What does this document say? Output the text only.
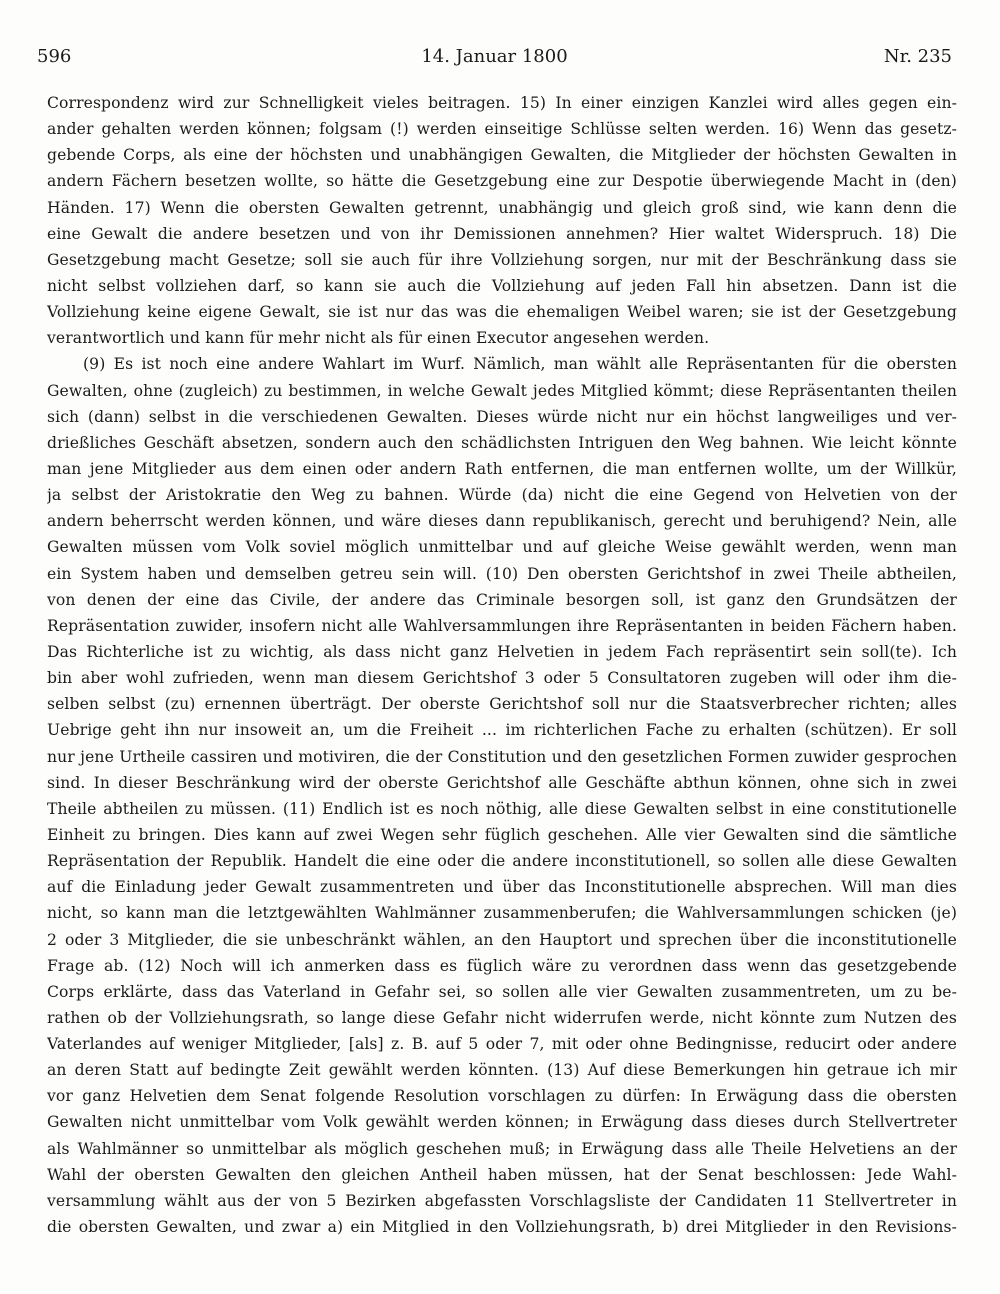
596	14. Januar 1800	Nr. 235
Correspondenz wird zur Schnelligkeit vieles beitragen. 15) In einer einzigen Kanzlei wird alles gegen ein-
ander gehalten werden können; folgsam (!) werden einseitige Schlüsse selten werden. 16) Wenn das gesetz-
gebende Corps, als eine der höchsten und unabhängigen Gewalten, die Mitglieder der höchsten Gewalten in
andern Fächern besetzen wollte, so hätte die Gesetzgebung eine zur Despotie überwiegende Macht in (den)
Händen. 17) Wenn die obersten Gewalten getrennt, unabhängig und gleich groß sind, wie kann denn die
eine Gewalt die andere besetzen und von ihr Demissionen annehmen? Hier waltet Widerspruch. 18) Die
Gesetzgebung macht Gesetze; soll sie auch für ihre Vollziehung sorgen, nur mit der Beschränkung dass sie
nicht selbst vollziehen darf, so kann sie auch die Vollziehung auf jeden Fall hin absetzen. Dann ist die
Vollziehung keine eigene Gewalt, sie ist nur das was die ehemaligen Weibel waren; sie ist der Gesetzgebung
verantwortlich und kann für mehr nicht als für einen Executor angesehen werden.
(9) Es ist noch eine andere Wahlart im Wurf. Nämlich, man wählt alle Repräsentanten für die obersten
Gewalten, ohne (zugleich) zu bestimmen, in welche Gewalt jedes Mitglied kömmt; diese Repräsentanten theilen
sich (dann) selbst in die verschiedenen Gewalten. Dieses würde nicht nur ein höchst langweiliges und ver-
drießliches Geschäft absetzen, sondern auch den schädlichsten Intriguen den Weg bahnen. Wie leicht könnte
man jene Mitglieder aus dem einen oder andern Rath entfernen, die man entfernen wollte, um der Willkür,
ja selbst der Aristokratie den Weg zu bahnen. Würde (da) nicht die eine Gegend von Helvetien von der
andern beherrscht werden können, und wäre dieses dann republikanisch, gerecht und beruhigend? Nein, alle
Gewalten müssen vom Volk soviel möglich unmittelbar und auf gleiche Weise gewählt werden, wenn man
ein System haben und demselben getreu sein will. (10) Den obersten Gerichtshof in zwei Theile abtheilen,
von denen der eine das Civile, der andere das Criminale besorgen soll, ist ganz den Grundsätzen der
Repräsentation zuwider, insofern nicht alle Wahlversammlungen ihre Repräsentanten in beiden Fächern haben.
Das Richterliche ist zu wichtig, als dass nicht ganz Helvetien in jedem Fach repräsentirt sein soll(te). Ich
bin aber wohl zufrieden, wenn man diesem Gerichtshof 3 oder 5 Consultatoren zugeben will oder ihm die-
selben selbst (zu) ernennen überträgt. Der oberste Gerichtshof soll nur die Staatsverbrecher richten; alles
Uebrige geht ihn nur insoweit an, um die Freiheit ... im richterlichen Fache zu erhalten (schützen). Er soll
nur jene Urtheile cassiren und motiviren, die der Constitution und den gesetzlichen Formen zuwider gesprochen
sind. In dieser Beschränkung wird der oberste Gerichtshof alle Geschäfte abthun können, ohne sich in zwei
Theile abtheilen zu müssen. (11) Endlich ist es noch nöthig, alle diese Gewalten selbst in eine constitutionelle
Einheit zu bringen. Dies kann auf zwei Wegen sehr füglich geschehen. Alle vier Gewalten sind die sämtliche
Repräsentation der Republik. Handelt die eine oder die andere inconstitutionell, so sollen alle diese Gewalten
auf die Einladung jeder Gewalt zusammentreten und über das Inconstitutionelle absprechen. Will man dies
nicht, so kann man die letztgewählten Wahlmänner zusammenberufen; die Wahlversammlungen schicken (je)
2 oder 3 Mitglieder, die sie unbeschränkt wählen, an den Hauptort und sprechen über die inconstitutionelle
Frage ab. (12) Noch will ich anmerken dass es füglich wäre zu verordnen dass wenn das gesetzgebende
Corps erklärte, dass das Vaterland in Gefahr sei, so sollen alle vier Gewalten zusammentreten, um zu be-
rathen ob der Vollziehungsrath, so lange diese Gefahr nicht widerrufen werde, nicht könnte zum Nutzen des
Vaterlandes auf weniger Mitglieder, [als] z. B. auf 5 oder 7, mit oder ohne Bedingnisse, reducirt oder andere
an deren Statt auf bedingte Zeit gewählt werden könnten. (13) Auf diese Bemerkungen hin getraue ich mir
vor ganz Helvetien dem Senat folgende Resolution vorschlagen zu dürfen: In Erwägung dass die obersten
Gewalten nicht unmittelbar vom Volk gewählt werden können; in Erwägung dass dieses durch Stellvertreter
als Wahlmänner so unmittelbar als möglich geschehen muß; in Erwägung dass alle Theile Helvetiens an der
Wahl der obersten Gewalten den gleichen Antheil haben müssen, hat der Senat beschlossen: Jede Wahl-
versammlung wählt aus der von 5 Bezirken abgefassten Vorschlagsliste der Candidaten 11 Stellvertreter in
die obersten Gewalten, und zwar a) ein Mitglied in den Vollziehungsrath, b) drei Mitglieder in den Revisions-
